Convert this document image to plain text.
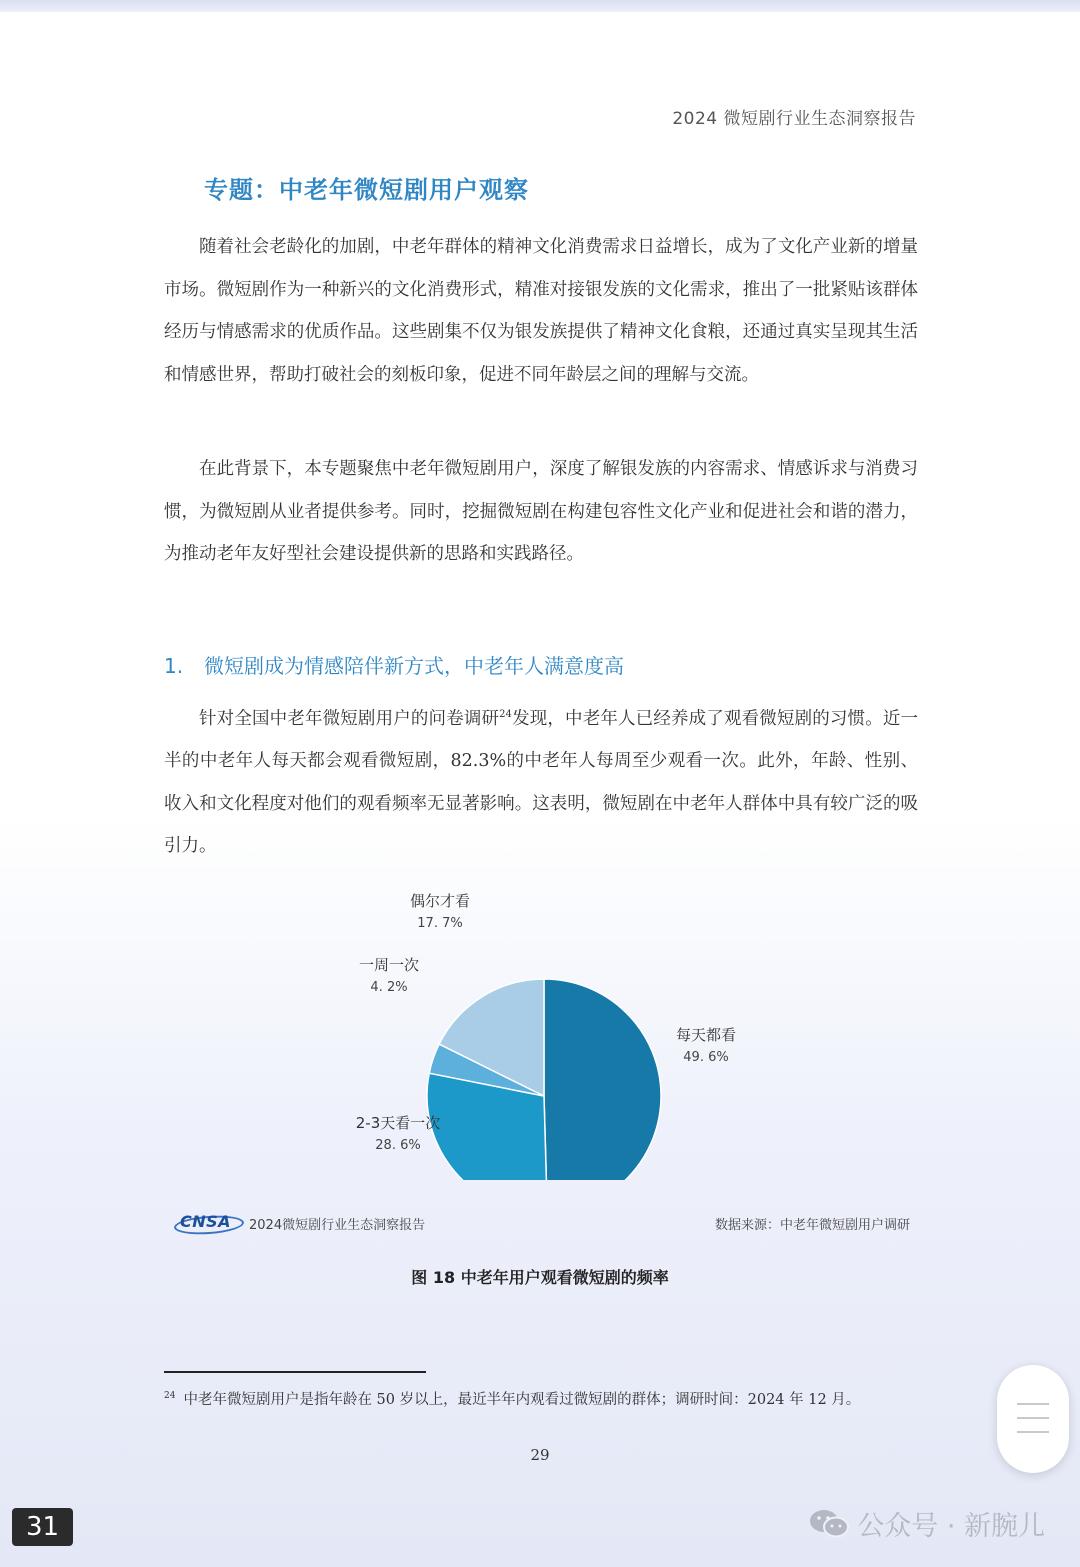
2024 微短剧行业生态洞察报告
专题：中老年微短剧用户观察

随着社会老龄化的加剧，中老年群体的精神文化消费需求日益增长，成为了文化产业新的增量市场。微短剧作为一种新兴的文化消费形式，精准对接银发族的文化需求，推出了一批紧贴该群体经历与情感需求的优质作品。这些剧集不仅为银发族提供了精神文化食粮，还通过真实呈现其生活和情感世界，帮助打破社会的刻板印象，促进不同年龄层之间的理解与交流。

在此背景下，本专题聚焦中老年微短剧用户，深度了解银发族的内容需求、情感诉求与消费习惯，为微短剧从业者提供参考。同时，挖掘微短剧在构建包容性文化产业和促进社会和谐的潜力，为推动老年友好型社会建设提供新的思路和实践路径。

1. 微短剧成为情感陪伴新方式，中老年人满意度高

针对全国中老年微短剧用户的问卷调研$^{24}$发现，中老年人已经养成了观看微短剧的习惯。近一半的中老年人每天都会观看微短剧，82.3%的中老年人每周至少观看一次。此外，年龄、性别、收入和文化程度对他们的观看频率无显著影响。这表明，微短剧在中老年人群体中具有较广泛的吸引力。

每天都看
49. 6%
2-3天看一次
28. 6%
一周一次
4. 2%
偶尔才看
17. 7%
CNSA 2024微短剧行业生态洞察报告	数据来源：中老年微短剧用户调研
图 18 中老年用户观看微短剧的频率
$^{24}$ 中老年微短剧用户是指年龄在 50 岁以上，最近半年内观看过微短剧的群体；调研时间：2024 年 12 月。
29
31	公众号 · 新腕儿
